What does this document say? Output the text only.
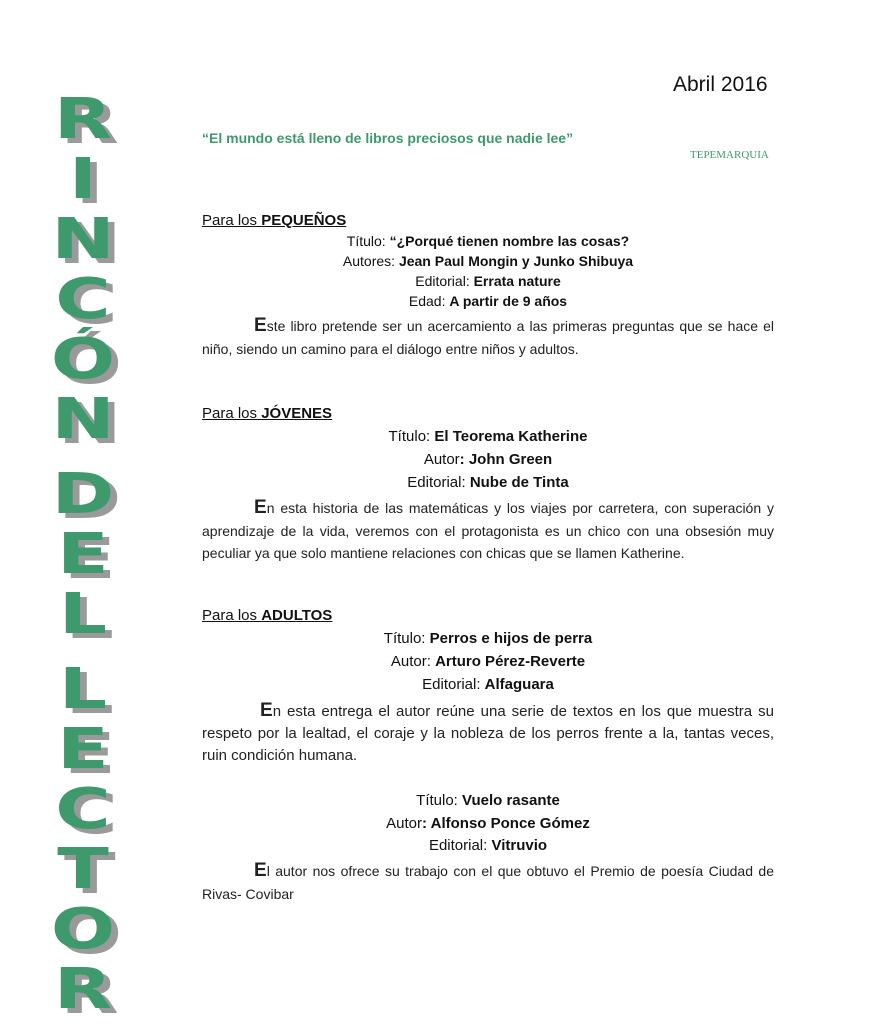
R
I
N
C
Ó
N
D
E
L
L
E
C
T
O
R
Abril 2016
“El mundo está lleno de libros preciosos que nadie lee”
TEPEMARQUIA
Para los PEQUEÑOS
Título: “¿Porqué tienen nombre las cosas?
Autores: Jean Paul Mongin y Junko Shibuya
Editorial: Errata nature
Edad: A partir de 9 años
Este libro pretende ser un acercamiento a las primeras preguntas que se hace el niño, siendo un camino para el diálogo entre niños y adultos.
Para los JÓVENES
Título: El Teorema Katherine
Autor: John Green
Editorial: Nube de Tinta
En esta historia de las matemáticas y los viajes por carretera, con superación y aprendizaje de la vida, veremos con el protagonista es un chico con una obsesión muy peculiar ya que solo mantiene relaciones con chicas que se llamen Katherine.
Para los ADULTOS
Título: Perros e hijos de perra
Autor: Arturo Pérez-Reverte
Editorial: Alfaguara
En esta entrega el autor reúne una serie de textos en los que muestra su respeto por la lealtad, el coraje y la nobleza de los perros frente a la, tantas veces, ruin condición humana.
Título: Vuelo rasante
Autor: Alfonso Ponce Gómez
Editorial: Vitruvio
El autor nos ofrece su trabajo con el que obtuvo el Premio de poesía Ciudad de Rivas- Covibar
